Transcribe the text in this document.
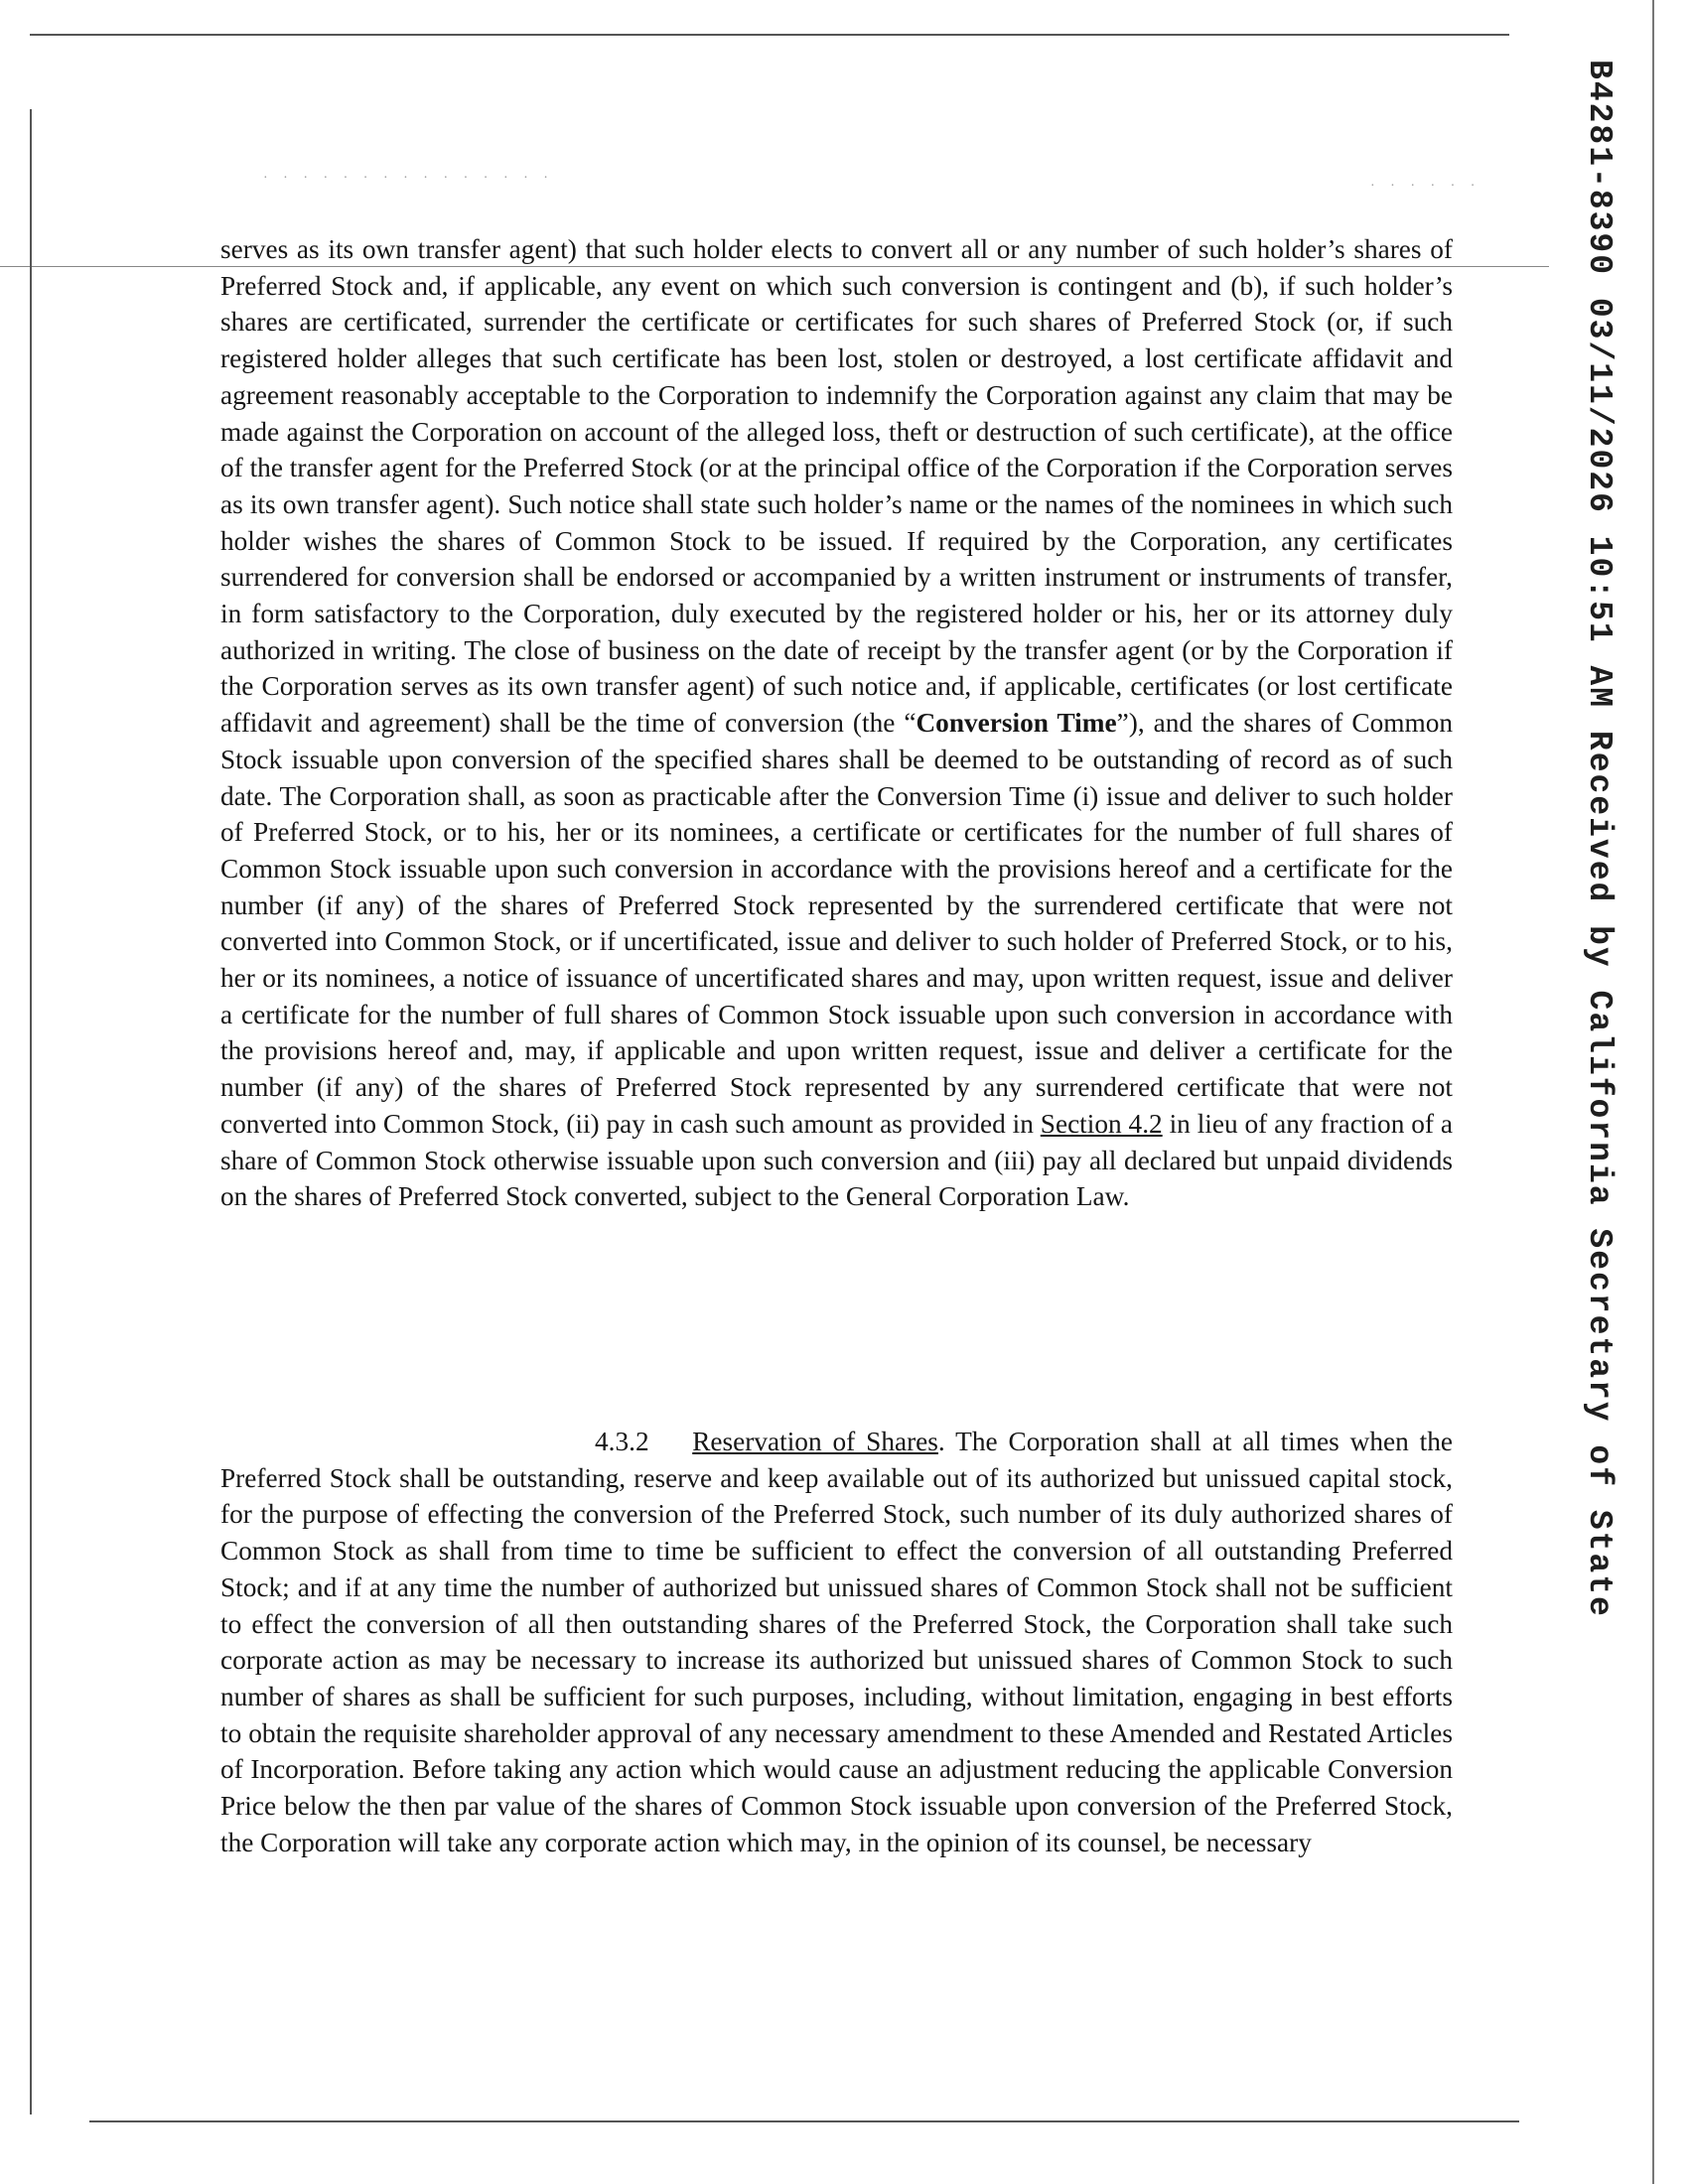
· · · · · · · · · · · · · · ·
· · · · · ·	B4281-8390 03/11/2026 10:51 AM Received by California Secretary of State

serves as its own transfer agent) that such holder elects to convert all or any number of such holder’s shares of Preferred Stock and, if applicable, any event on which such conversion is contingent and (b), if such holder’s shares are certificated, surrender the certificate or certificates for such shares of Preferred Stock (or, if such registered holder alleges that such certificate has been lost, stolen or destroyed, a lost certificate affidavit and agreement reasonably acceptable to the Corporation to indemnify the Corporation against any claim that may be made against the Corporation on account of the alleged loss, theft or destruction of such certificate), at the office of the transfer agent for the Preferred Stock (or at the principal office of the Corporation if the Corporation serves as its own transfer agent). Such notice shall state such holder’s name or the names of the nominees in which such holder wishes the shares of Common Stock to be issued. If required by the Corporation, any certificates surrendered for conversion shall be endorsed or accompanied by a written instrument or instruments of transfer, in form satisfactory to the Corporation, duly executed by the registered holder or his, her or its attorney duly authorized in writing. The close of business on the date of receipt by the transfer agent (or by the Corporation if the Corporation serves as its own transfer agent) of such notice and, if applicable, certificates (or lost certificate affidavit and agreement) shall be the time of conversion (the “Conversion Time”), and the shares of Common Stock issuable upon conversion of the specified shares shall be deemed to be outstanding of record as of such date. The Corporation shall, as soon as practicable after the Conversion Time (i) issue and deliver to such holder of Preferred Stock, or to his, her or its nominees, a certificate or certificates for the number of full shares of Common Stock issuable upon such conversion in accordance with the provisions hereof and a certificate for the number (if any) of the shares of Preferred Stock represented by the surrendered certificate that were not converted into Common Stock, or if uncertificated, issue and deliver to such holder of Preferred Stock, or to his, her or its nominees, a notice of issuance of uncertificated shares and may, upon written request, issue and deliver a certificate for the number of full shares of Common Stock issuable upon such conversion in accordance with the provisions hereof and, may, if applicable and upon written request, issue and deliver a certificate for the number (if any) of the shares of Preferred Stock represented by any surrendered certificate that were not converted into Common Stock, (ii) pay in cash such amount as provided in Section 4.2 in lieu of any fraction of a share of Common Stock otherwise issuable upon such conversion and (iii) pay all declared but unpaid dividends on the shares of Preferred Stock converted, subject to the General Corporation Law.

4.3.2 Reservation of Shares. The Corporation shall at all times when the Preferred Stock shall be outstanding, reserve and keep available out of its authorized but unissued capital stock, for the purpose of effecting the conversion of the Preferred Stock, such number of its duly authorized shares of Common Stock as shall from time to time be sufficient to effect the conversion of all outstanding Preferred Stock; and if at any time the number of authorized but unissued shares of Common Stock shall not be sufficient to effect the conversion of all then outstanding shares of the Preferred Stock, the Corporation shall take such corporate action as may be necessary to increase its authorized but unissued shares of Common Stock to such number of shares as shall be sufficient for such purposes, including, without limitation, engaging in best efforts to obtain the requisite shareholder approval of any necessary amendment to these Amended and Restated Articles of Incorporation. Before taking any action which would cause an adjustment reducing the applicable Conversion Price below the then par value of the shares of Common Stock issuable upon conversion of the Preferred Stock, the Corporation will take any corporate action which may, in the opinion of its counsel, be necessary
